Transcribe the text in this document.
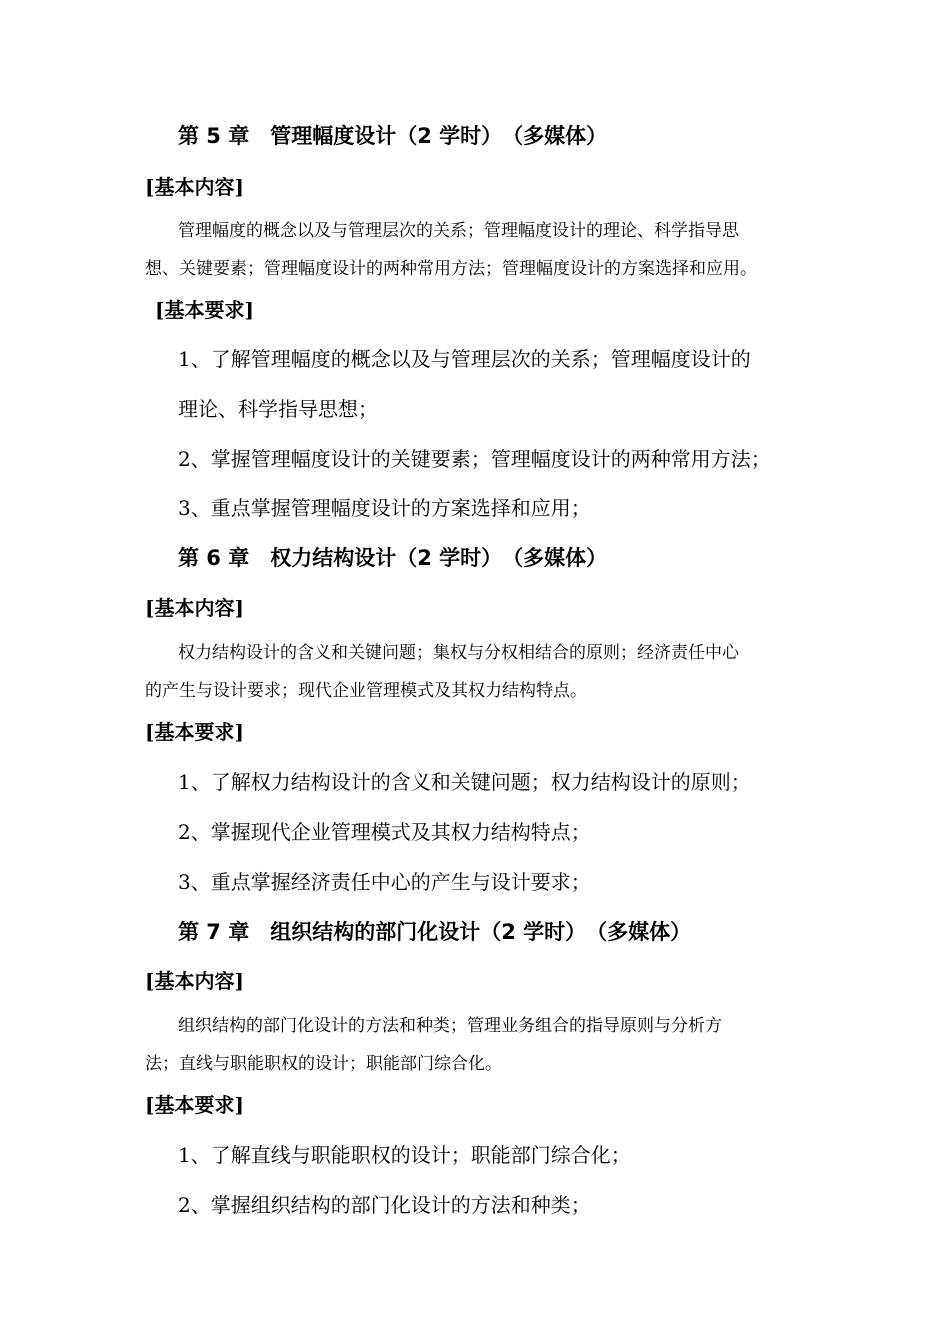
第 5 章　管理幅度设计（2 学时）　（多媒体）
[基本内容]
管理幅度的概念以及与管理层次的关系；管理幅度设计的理论、科学指导思
想、关键要素；管理幅度设计的两种常用方法；管理幅度设计的方案选择和应用。
[基本要求]
1、了解管理幅度的概念以及与管理层次的关系；管理幅度设计的
理论、科学指导思想；
2、掌握管理幅度设计的关键要素；管理幅度设计的两种常用方法；
3、重点掌握管理幅度设计的方案选择和应用；
第 6 章　权力结构设计（2 学时）　（多媒体）
[基本内容]
权力结构设计的含义和关键问题；集权与分权相结合的原则；经济责任中心
的产生与设计要求；现代企业管理模式及其权力结构特点。
[基本要求]
1、了解权力结构设计的含义和关键问题；权力结构设计的原则；
2、掌握现代企业管理模式及其权力结构特点；
3、重点掌握经济责任中心的产生与设计要求；
第 7 章　组织结构的部门化设计（2 学时）　（多媒体）
[基本内容]
组织结构的部门化设计的方法和种类；管理业务组合的指导原则与分析方
法；直线与职能职权的设计；职能部门综合化。
[基本要求]
1、了解直线与职能职权的设计；职能部门综合化；
2、掌握组织结构的部门化设计的方法和种类；
